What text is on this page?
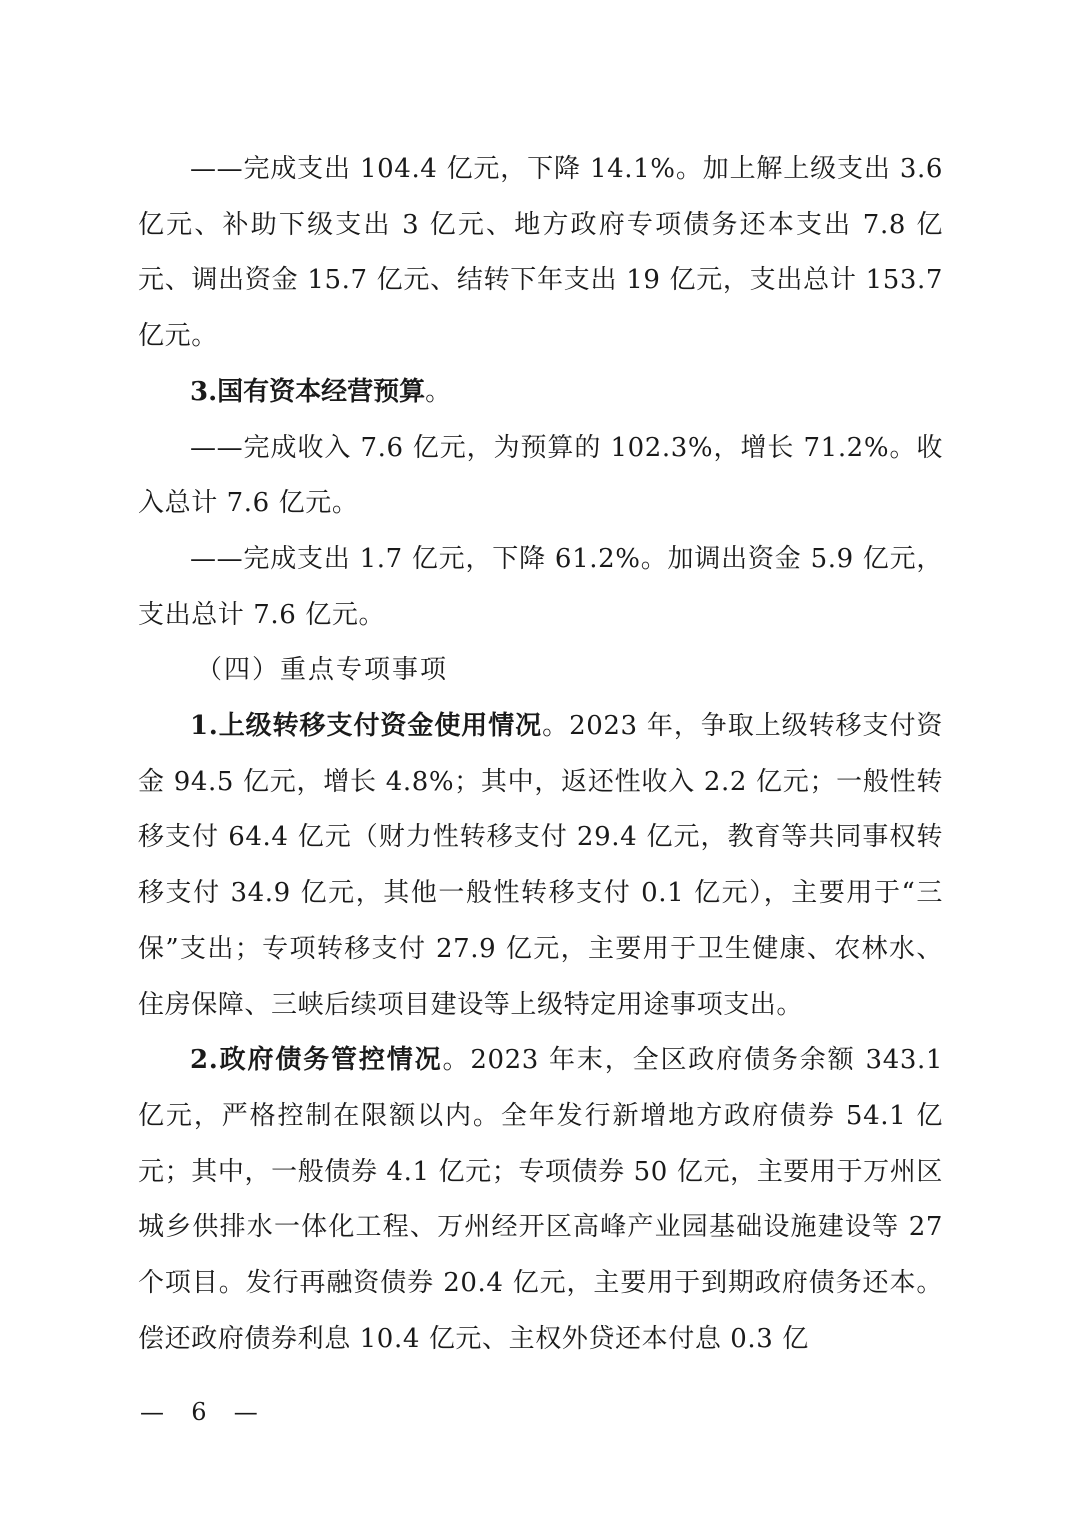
——完成支出 104.4 亿元，下降 14.1%。加上解上级支出 3.6 亿元、补助下级支出 3 亿元、地方政府专项债务还本支出 7.8 亿元、调出资金 15.7 亿元、结转下年支出 19 亿元，支出总计 153.7 亿元。

3.国有资本经营预算。

——完成收入 7.6 亿元，为预算的 102.3%，增长 71.2%。收入总计 7.6 亿元。

——完成支出 1.7 亿元，下降 61.2%。加调出资金 5.9 亿元，支出总计 7.6 亿元。

（四）重点专项事项

1.上级转移支付资金使用情况。2023 年，争取上级转移支付资金 94.5 亿元，增长 4.8%；其中，返还性收入 2.2 亿元；一般性转移支付 64.4 亿元（财力性转移支付 29.4 亿元，教育等共同事权转移支付 34.9 亿元，其他一般性转移支付 0.1 亿元），主要用于“三保”支出；专项转移支付 27.9 亿元，主要用于卫生健康、农林水、住房保障、三峡后续项目建设等上级特定用途事项支出。

2.政府债务管控情况。2023 年末，全区政府债务余额 343.1 亿元，严格控制在限额以内。全年发行新增地方政府债券 54.1 亿元；其中，一般债券 4.1 亿元；专项债券 50 亿元，主要用于万州区城乡供排水一体化工程、万州经开区高峰产业园基础设施建设等 27 个项目。发行再融资债券 20.4 亿元，主要用于到期政府债务还本。偿还政府债券利息 10.4 亿元、主权外贷还本付息 0.3 亿

—  6  —
